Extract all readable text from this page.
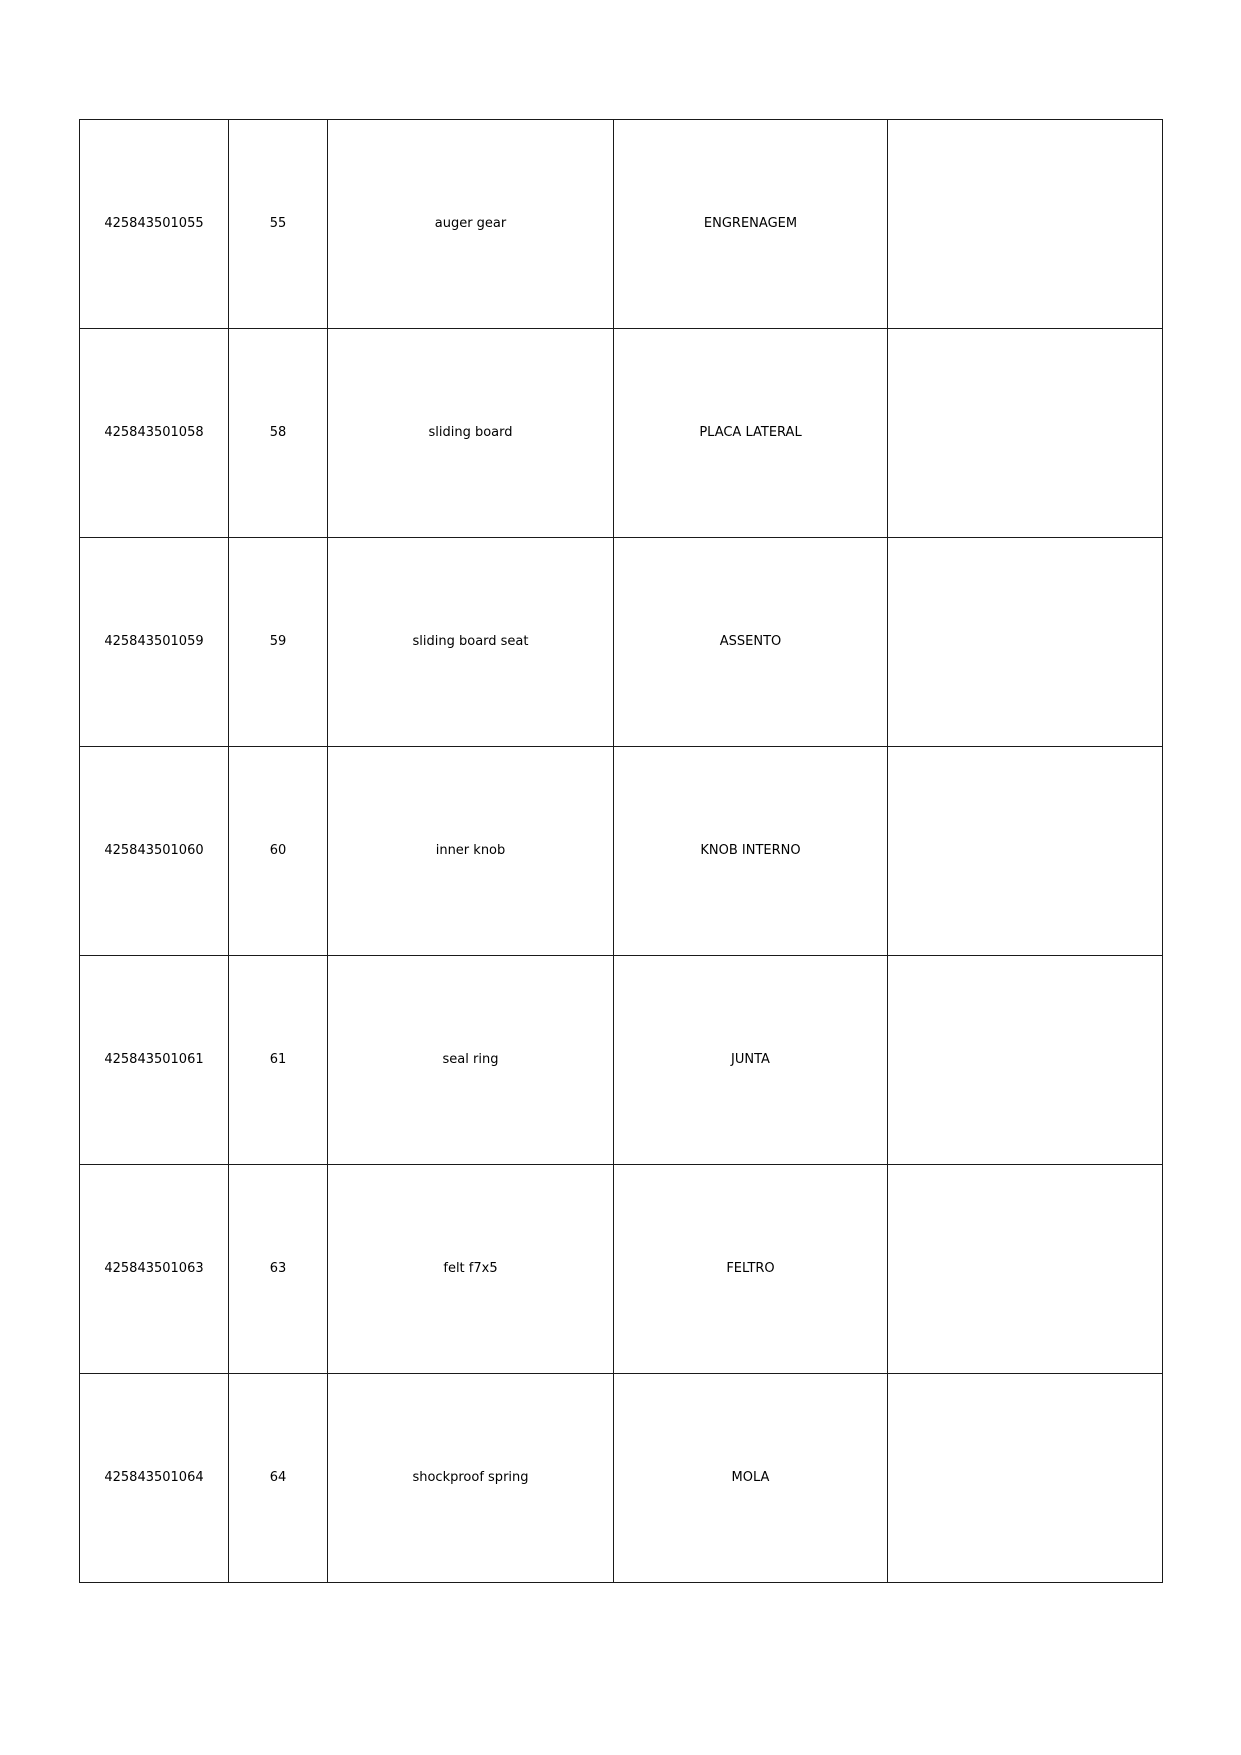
425843501055	55	auger gear	ENGRENAGEM	
425843501058	58	sliding board	PLACA LATERAL	
425843501059	59	sliding board seat	ASSENTO	
425843501060	60	inner knob	KNOB INTERNO	
425843501061	61	seal ring	JUNTA	
425843501063	63	felt f7x5	FELTRO	
425843501064	64	shockproof spring	MOLA	
